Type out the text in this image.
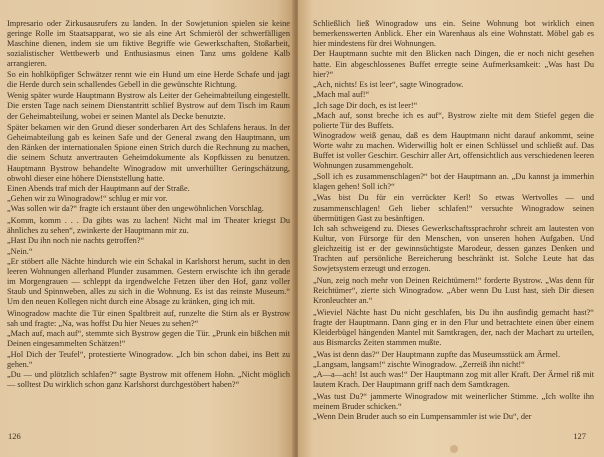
Impresario oder Zirkusausrufers zu landen. In der Sowjetunion spielen sie keine geringe Rolle im Staatsapparat, wo sie als eine Art Schmieröl der schwerfälligen Maschine dienen, indem sie um fiktive Begriffe wie Gewerkschaften, Stoßarbeit, sozialistischer Wettbewerb und Enthusiasmus einen Tanz ums goldene Kalb arrangieren.

So ein hohlköpfiger Schwätzer rennt wie ein Hund um eine Herde Schafe und jagt die Herde durch sein schallendes Gebell in die gewünschte Richtung.

Wenig später wurde Hauptmann Bystrow als Leiter der Geheimabteilung eingestellt. Die ersten Tage nach seinem Dienstantritt schlief Bystrow auf dem Tisch im Raum der Geheimabteilung, wobei er seinen Mantel als Decke benutzte.

Später bekamen wir den Grund dieser sonderbaren Art des Schlafens heraus. In der Geheimabteilung gab es keinen Safe und der General zwang den Hauptmann, um den Ränken der internationalen Spione einen Strich durch die Rechnung zu machen, die seinem Schutz anvertrauten Geheimdokumente als Kopfkissen zu benutzen. Hauptmann Bystrow behandelte Winogradow mit unverhüllter Geringschätzung, obwohl dieser eine höhere Dienststellung hatte.

Einen Abends traf mich der Hauptmann auf der Straße.

„Gehen wir zu Winogradow!“ schlug er mir vor.

„Was sollen wir da?“ fragte ich erstaunt über den ungewöhnlichen Vorschlag.

„Komm, komm . . . Da gibts was zu lachen! Nicht mal im Theater kriegst Du ähnliches zu sehen“, zwinkerte der Hauptmann mir zu.

„Hast Du ihn noch nie nachts getroffen?“

„Nein.“

„Er stöbert alle Nächte hindurch wie ein Schakal in Karlshorst herum, sucht in den leeren Wohnungen allerhand Plunder zusammen. Gestern erwischte ich ihn gerade im Morgengrauen — schleppt da irgendwelche Fetzen über den Hof, ganz voller Staub und Spinnweben, alles zu sich in die Wohnung. Es ist das reinste Museum.“ Um den neuen Kollegen nicht durch eine Absage zu kränken, ging ich mit.

Winogradow machte die Tür einen Spaltbreit auf, runzelte die Stirn als er Bystrow sah und fragte: „Na, was hoffst Du hier Neues zu sehen?“

„Mach auf, mach auf“, stemmte sich Bystrow gegen die Tür. „Prunk ein bißchen mit Deinen eingesammelten Schätzen!“

„Hol Dich der Teufel“, protestierte Winogradow. „Ich bin schon dabei, ins Bett zu gehen.“

„Du — und plötzlich schlafen?“ sagte Bystrow mit offenem Hohn. „Nicht möglich — solltest Du wirklich schon ganz Karlshorst durchgestöbert haben?“

126

Schließlich ließ Winogradow uns ein. Seine Wohnung bot wirklich einen bemerkenswerten Anblick. Eher ein Warenhaus als eine Wohnstatt. Möbel gab es hier mindestens für drei Wohnungen.

Der Hauptmann suchte mit den Blicken nach Dingen, die er noch nicht gesehen hatte. Ein abgeschlossenes Buffet erregte seine Aufmerksamkeit: „Was hast Du hier?“

„Ach, nichts! Es ist leer“, sagte Winogradow.

„Mach mal auf!“

„Ich sage Dir doch, es ist leer!“

„Mach auf, sonst breche ich es auf“, Bystrow zielte mit dem Stiefel gegen die polierte Tür des Buffets.

Winogradow weiß genau, daß es dem Hauptmann nicht darauf ankommt, seine Worte wahr zu machen. Widerwillig holt er einen Schlüssel und schließt auf. Das Buffet ist voller Geschirr. Geschirr aller Art, offensichtlich aus verschiedenen leeren Wohnungen zusammengeholt.

„Soll ich es zusammenschlagen?“ bot der Hauptmann an. „Du kannst ja immerhin klagen gehen! Soll ich?“

„Was bist Du für ein verrückter Kerl! So etwas Wertvolles — und zusammenschlagen! Geh lieber schlafen!“ versuchte Winogradow seinen übermütigen Gast zu besänftigen.

Ich sah schweigend zu. Dieses Gewerkschaftssprachrohr schreit am lautesten von Kultur, von Fürsorge für den Menschen, von unseren hohen Aufgaben. Und gleichzeitig ist er der gewinnsüchtigste Marodeur, dessen ganzes Denken und Trachten auf persönliche Bereicherung beschränkt ist. Solche Leute hat das Sowjetsystem erzeugt und erzogen.

„Nun, zeig noch mehr von Deinen Reichtümern!“ forderte Bystrow. „Was denn für Reichtümer“, zierte sich Winogradow. „Aber wenn Du Lust hast, sieh Dir diesen Kronleuchter an.“

„Wieviel Nächte hast Du nicht geschlafen, bis Du ihn ausfindig gemacht hast?“ fragte der Hauptmann. Dann ging er in den Flur und betrachtete einen über einem Kleiderbügel hängenden Mantel mit Samtkragen, der, nach der Machart zu urteilen, aus Bismarcks Zeiten stammen mußte.

„Was ist denn das?“ Der Hauptmann zupfte das Museumsstück am Ärmel.

„Langsam, langsam!“ zischte Winogradow. „Zerreiß ihn nicht!“

„A—a—ach! Ist auch was!“ Der Hauptmann zog mit aller Kraft. Der Ärmel riß mit lautem Krach. Der Hauptmann griff nach dem Samtkragen.

„Was tust Du?“ jammerte Winogradow mit weinerlicher Stimme. „Ich wollte ihn meinem Bruder schicken.“

„Wenn Dein Bruder auch so ein Lumpensammler ist wie Du“, der

127
